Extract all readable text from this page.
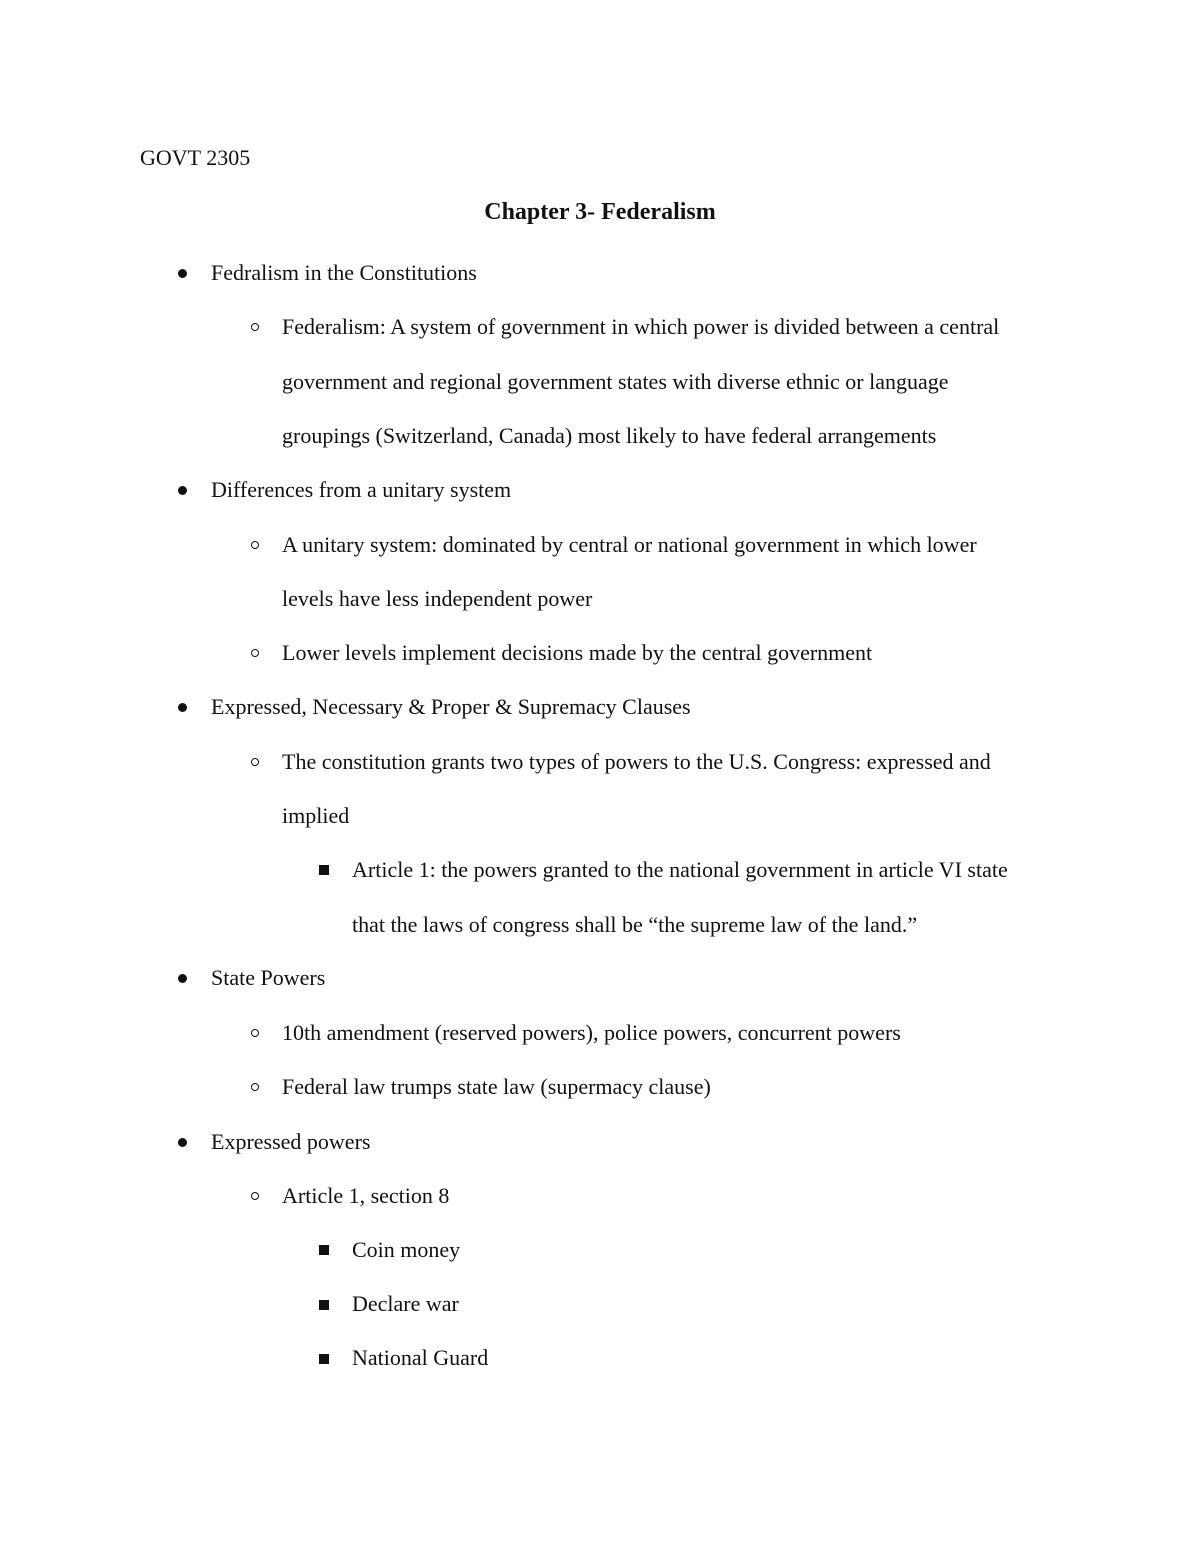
GOVT 2305

Chapter 3- Federalism
Fedralism in the Constitutions
Federalism: A system of government in which power is divided between a central
government and regional government states with diverse ethnic or language
groupings (Switzerland, Canada) most likely to have federal arrangements
Differences from a unitary system
A unitary system: dominated by central or national government in which lower
levels have less independent power
Lower levels implement decisions made by the central government
Expressed, Necessary & Proper & Supremacy Clauses
The constitution grants two types of powers to the U.S. Congress: expressed and
implied
Article 1: the powers granted to the national government in article VI state
that the laws of congress shall be “the supreme law of the land.”
State Powers
10th amendment (reserved powers), police powers, concurrent powers
Federal law trumps state law (supermacy clause)
Expressed powers
Article 1, section 8
Coin money
Declare war
National Guard
